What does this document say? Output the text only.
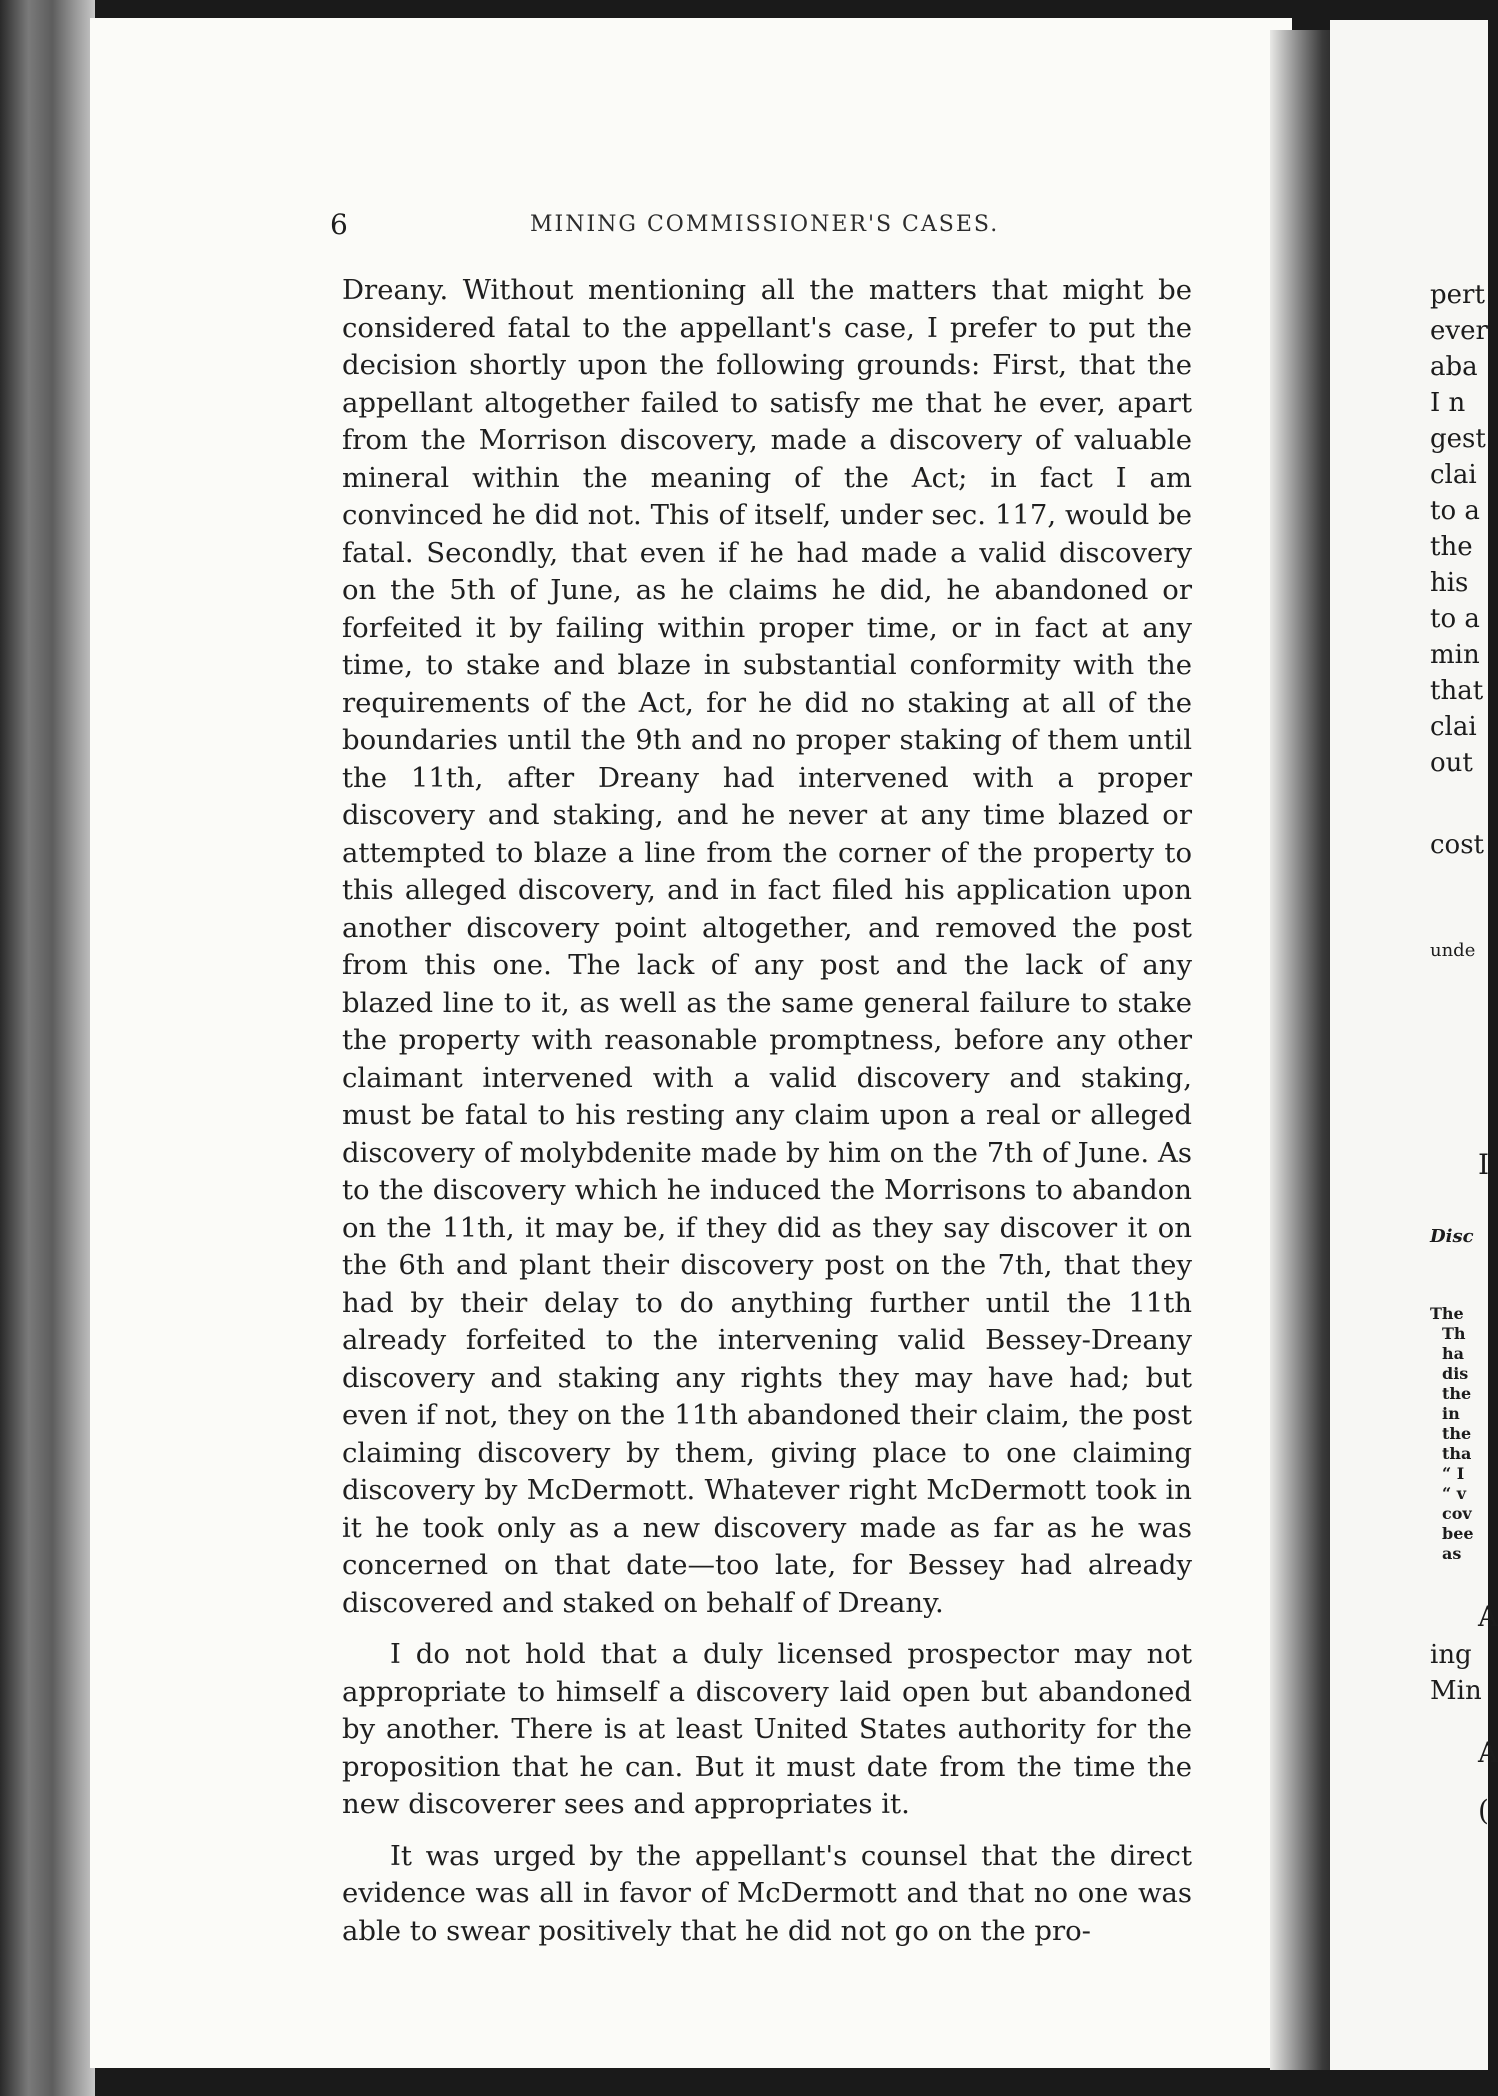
6	MINING COMMISSIONER'S CASES.

Dreany. Without mentioning all the matters that might be considered fatal to the appellant's case, I prefer to put the decision shortly upon the following grounds: First, that the appellant altogether failed to satisfy me that he ever, apart from the Morrison discovery, made a discovery of valuable mineral within the meaning of the Act; in fact I am convinced he did not. This of itself, under sec. 117, would be fatal. Secondly, that even if he had made a valid discovery on the 5th of June, as he claims he did, he abandoned or forfeited it by failing within proper time, or in fact at any time, to stake and blaze in substantial conformity with the requirements of the Act, for he did no staking at all of the boundaries until the 9th and no proper staking of them until the 11th, after Dreany had intervened with a proper discovery and staking, and he never at any time blazed or attempted to blaze a line from the corner of the property to this alleged discovery, and in fact filed his application upon another discovery point altogether, and removed the post from this one. The lack of any post and the lack of any blazed line to it, as well as the same general failure to stake the property with reasonable promptness, before any other claimant intervened with a valid discovery and staking, must be fatal to his resting any claim upon a real or alleged discovery of molybdenite made by him on the 7th of June. As to the discovery which he induced the Morrisons to abandon on the 11th, it may be, if they did as they say discover it on the 6th and plant their discovery post on the 7th, that they had by their delay to do anything further until the 11th already forfeited to the intervening valid Bessey-Dreany discovery and staking any rights they may have had; but even if not, they on the 11th abandoned their claim, the post claiming discovery by them, giving place to one claiming discovery by McDermott. Whatever right McDermott took in it he took only as a new discovery made as far as he was concerned on that date—too late, for Bessey had already discovered and staked on behalf of Dreany.

I do not hold that a duly licensed prospector may not appropriate to himself a discovery laid open but abandoned by another. There is at least United States authority for the proposition that he can. But it must date from the time the new discoverer sees and appropriates it.

It was urged by the appellant's counsel that the direct evidence was all in favor of McDermott and that no one was able to swear positively that he did not go on the pro-

pert
ever
aba
I n
gest
clai
to a
the
his
to a
min
that
clai
out
cost
unde
I
Disc
The
Th
ha
dis
the
in
the
tha
“ I
“ v
cov
bee
as
A
ing
Min
A
(
